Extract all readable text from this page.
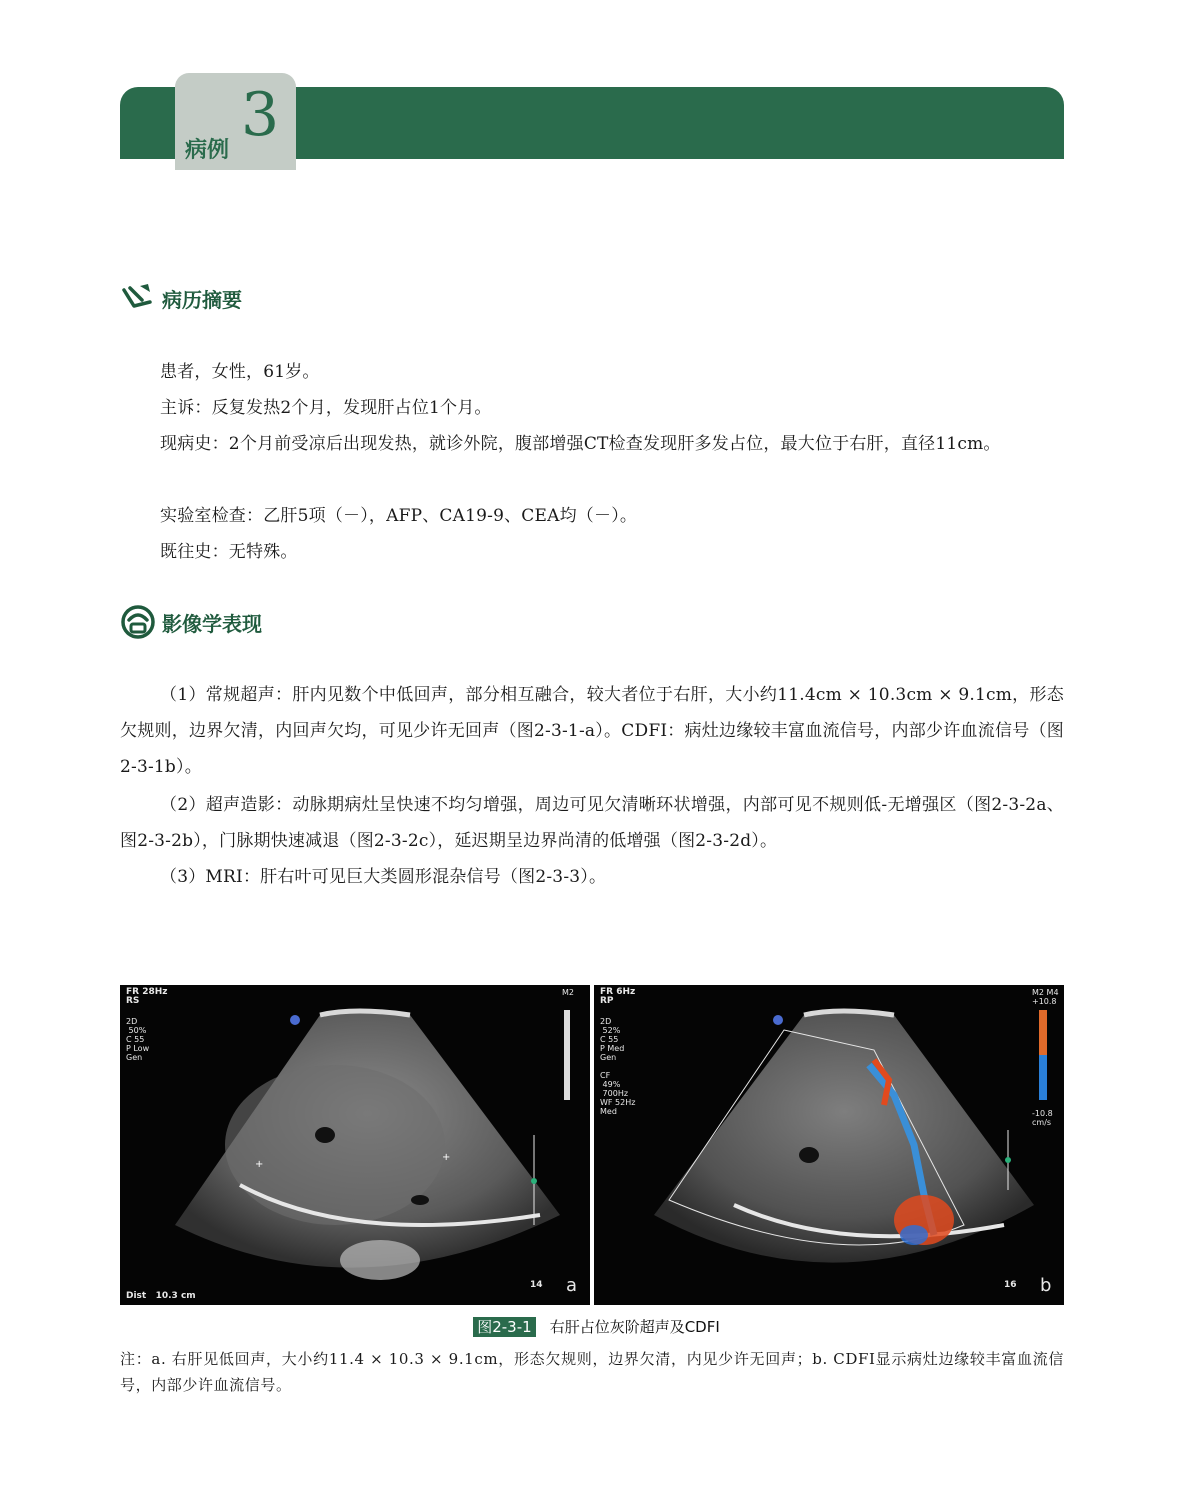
病例
3
病历摘要
患者，女性，61岁。
主诉：反复发热2个月，发现肝占位1个月。
现病史：2个月前受凉后出现发热，就诊外院，腹部增强CT检查发现肝多发占位，最大位于右肝，直径11cm。
实验室检查：乙肝5项（－），AFP、CA19-9、CEA均（－）。
既往史：无特殊。
影像学表现
（1）常规超声：肝内见数个中低回声，部分相互融合，较大者位于右肝，大小约11.4cm × 10.3cm × 9.1cm，形态欠规则，边界欠清，内回声欠均，可见少许无回声（图2-3-1-a）。CDFI：病灶边缘较丰富血流信号，内部少许血流信号（图2-3-1b）。
（2）超声造影：动脉期病灶呈快速不均匀增强，周边可见欠清晰环状增强，内部可见不规则低-无增强区（图2-3-2a、图2-3-2b），门脉期快速减退（图2-3-2c），延迟期呈边界尚清的低增强（图2-3-2d）。
（3）MRI：肝右叶可见巨大类圆形混杂信号（图2-3-3）。
+
+
FR 28Hz
RS
2D
50%
C 55
P Low
Gen
M2
14
Dist   10.3 cm	a
FR 6Hz
RP
2D
52%
C 55
P Med
Gen
CF
49%
700Hz
WF 52Hz
Med
M2 M4
+10.8
-10.8
cm/s
16 b
图2-3-1 右肝占位灰阶超声及CDFI
注：a. 右肝见低回声，大小约11.4 × 10.3 × 9.1cm，形态欠规则，边界欠清，内见少许无回声；b. CDFI显示病灶边缘较丰富血流信号，内部少许血流信号。
